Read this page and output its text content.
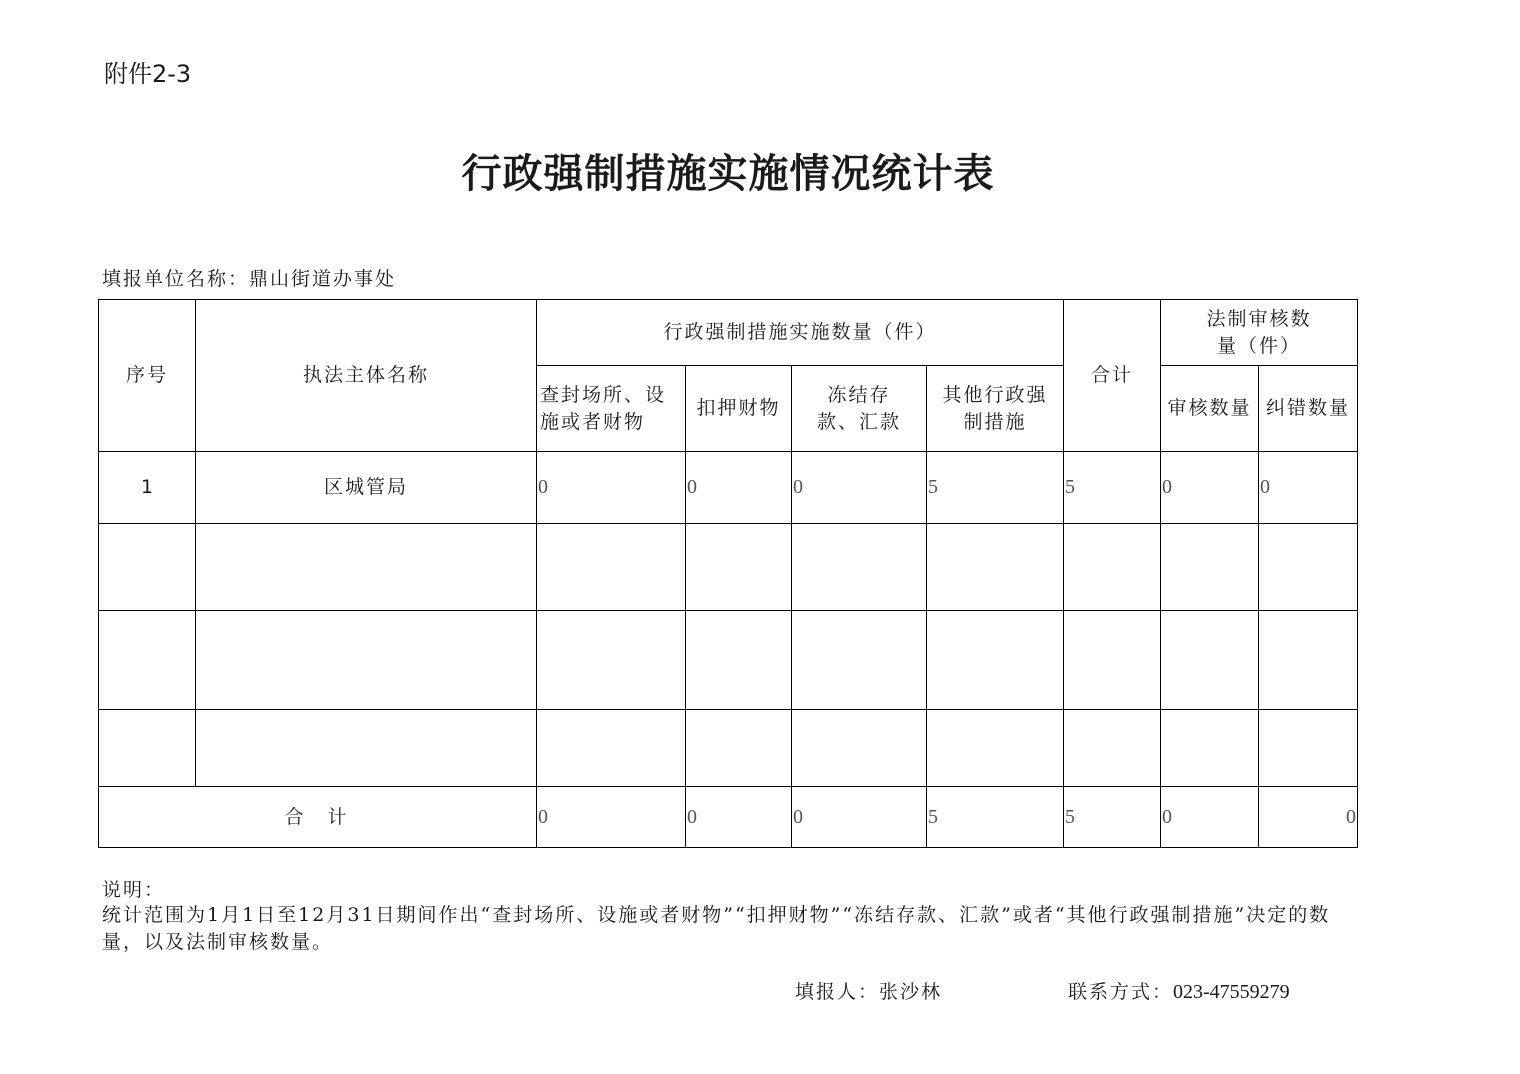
附件2-3
行政强制措施实施情况统计表
填报单位名称：鼎山街道办事处
序号	执法主体名称	行政强制措施实施数量（件）				合计	法制审核数量（件）	
		查封场所、设施或者财物	扣押财物	冻结存款、汇款	其他行政强制措施		审核数量	纠错数量
1	区城管局	0	0	0	5	5	0	0

合  计		0	0	0	5	5	0	0
说明：
统计范围为1月1日至12月31日期间作出“查封场所、设施或者财物”“扣押财物”“冻结存款、汇款”或者“其他行政强制措施”决定的数量，以及法制审核数量。
填报人：张沙林	联系方式：023-47559279
